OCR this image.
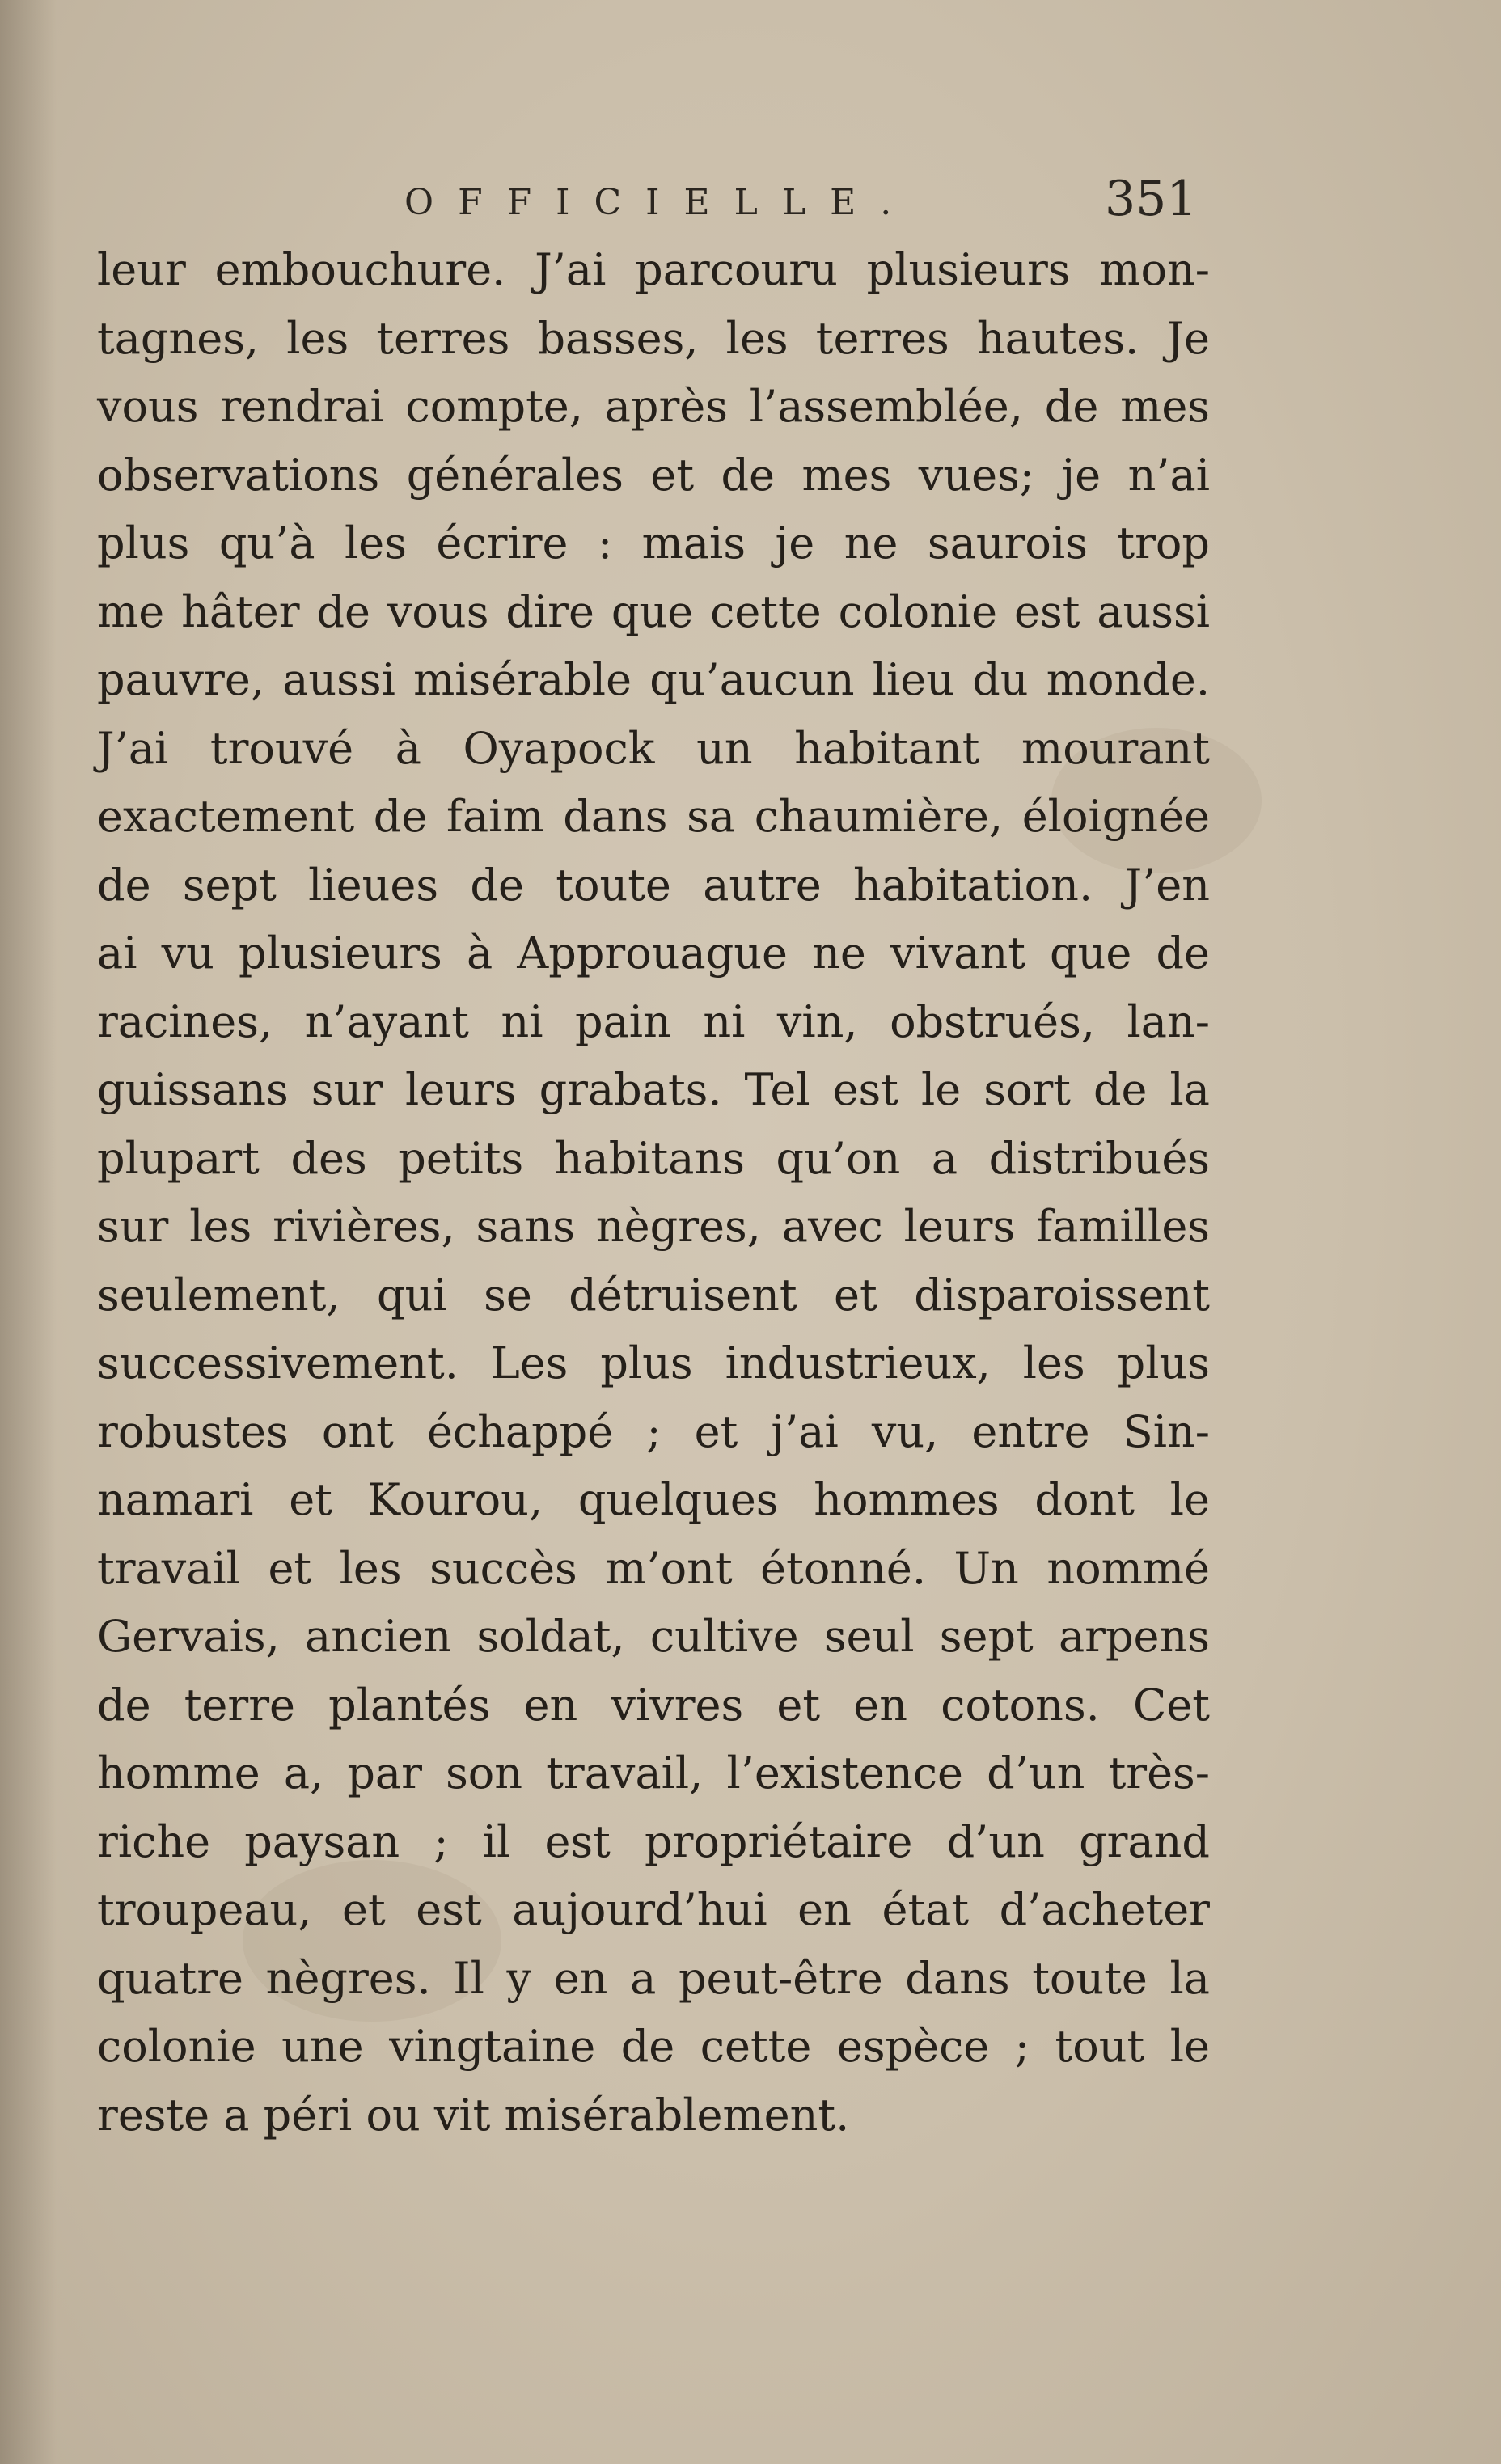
OFFICIELLE.	351
leur embouchure. J’ai parcouru plusieurs mon-
tagnes, les terres basses, les terres hautes. Je
vous rendrai compte, après l’assemblée, de mes
observations générales et de mes vues; je n’ai
plus qu’à les écrire : mais je ne saurois trop
me hâter de vous dire que cette colonie est aussi
pauvre, aussi misérable qu’aucun lieu du monde.
J’ai trouvé à Oyapock un habitant mourant
exactement de faim dans sa chaumière, éloignée
de sept lieues de toute autre habitation. J’en
ai vu plusieurs à Approuague ne vivant que de
racines, n’ayant ni pain ni vin, obstrués, lan-
guissans sur leurs grabats. Tel est le sort de la
plupart des petits habitans qu’on a distribués
sur les rivières, sans nègres, avec leurs familles
seulement, qui se détruisent et disparoissent
successivement. Les plus industrieux, les plus
robustes ont échappé ; et j’ai vu, entre Sin-
namari et Kourou, quelques hommes dont le
travail et les succès m’ont étonné. Un nommé
Gervais, ancien soldat, cultive seul sept arpens
de terre plantés en vivres et en cotons. Cet
homme a, par son travail, l’existence d’un très-
riche paysan ; il est propriétaire d’un grand
troupeau, et est aujourd’hui en état d’acheter
quatre nègres. Il y en a peut-être dans toute la
colonie une vingtaine de cette espèce ; tout le
reste a péri ou vit misérablement.
